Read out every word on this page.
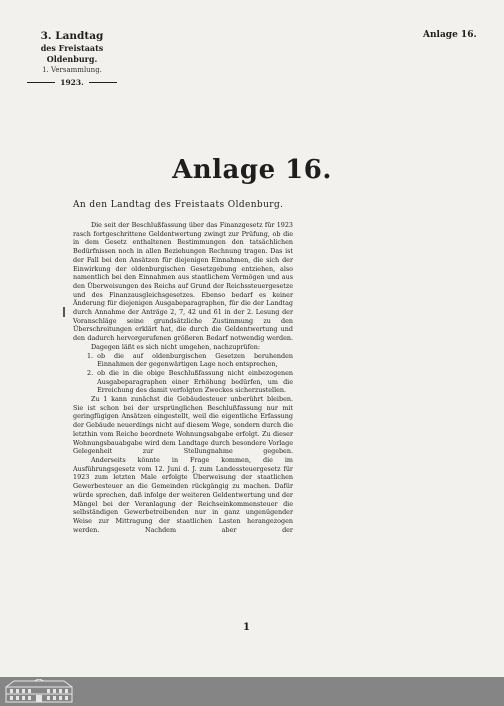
3. Landtag
des Freistaats Oldenburg.
1. Versammlung.
1923.
Anlage 16.
Anlage 16.
An den Landtag des Freistaats Oldenburg.

Die seit der Beschlußfassung über das Finanzgesetz für 1923 rasch fortgeschrittene Geldentwertung zwingt zur Prüfung, ob die in dem Gesetz enthaltenen Bestimmungen den tatsächlichen Bedürfnissen noch in allen Beziehungen Rechnung tragen. Das ist der Fall bei den Ansätzen für diejenigen Einnahmen, die sich der Einwirkung der oldenburgischen Gesetzgebung entziehen, also namentlich bei den Einnahmen aus staatlichem Vermögen und aus den Überweisungen des Reichs auf Grund der Reichssteuergesetze und des Finanzausgleichsgesetzes. Ebenso bedarf es keiner Änderung für diejenigen Ausgabeparagraphen, für die der Landtag durch Annahme der Anträge 2, 7, 42 und 61 in der 2. Lesung der Voranschläge seine grundsätzliche Zustimmung zu den Überschreitungen erklärt hat, die durch die Geldentwertung und den dadurch hervorgerufenen größeren Bedarf notwendig werden.

Dagegen läßt es sich nicht umgehen, nachzuprüfen:

1. ob die auf oldenburgischen Gesetzen beruhenden Einnahmen der gegenwärtigen Lage noch entsprechen,
2. ob die in die obige Beschlußfassung nicht einbezogenen Ausgabeparagraphen einer Erhöhung bedürfen, um die Erreichung des damit verfolgten Zweckes sicherzustellen.

Zu 1 kann zunächst die Gebäudesteuer unberührt bleiben. Sie ist schon bei der ursprünglichen Beschlußfassung nur mit geringfügigen Ansätzen eingestellt, weil die eigentliche Erfassung der Gebäude neuerdings nicht auf diesem Wege, sondern durch die letzthin vom Reiche beordnete Wohnungsabgabe erfolgt. Zu dieser Wohnungsbauabgabe wird dem Landtage durch besondere Vorlage Gelegenheit zur Stellungnahme gegeben.

Anderseits könnte in Frage kommen, die im Ausführungsgesetz vom 12. Juni d. J. zum Landessteuergesetz für 1923 zum letzten Male erfolgte Überweisung der staatlichen Gewerbesteuer an die Gemeinden rückgängig zu machen. Dafür würde sprechen, daß infolge der weiteren Geldentwertung und der Mängel bei der Veranlagung der Reichseinkommensteuer die selbständigen Gewerbetreibenden nur in ganz ungenügender Weise zur Mittragung der staatlichen Lasten herangezogen werden. Nachdem aber der

1
